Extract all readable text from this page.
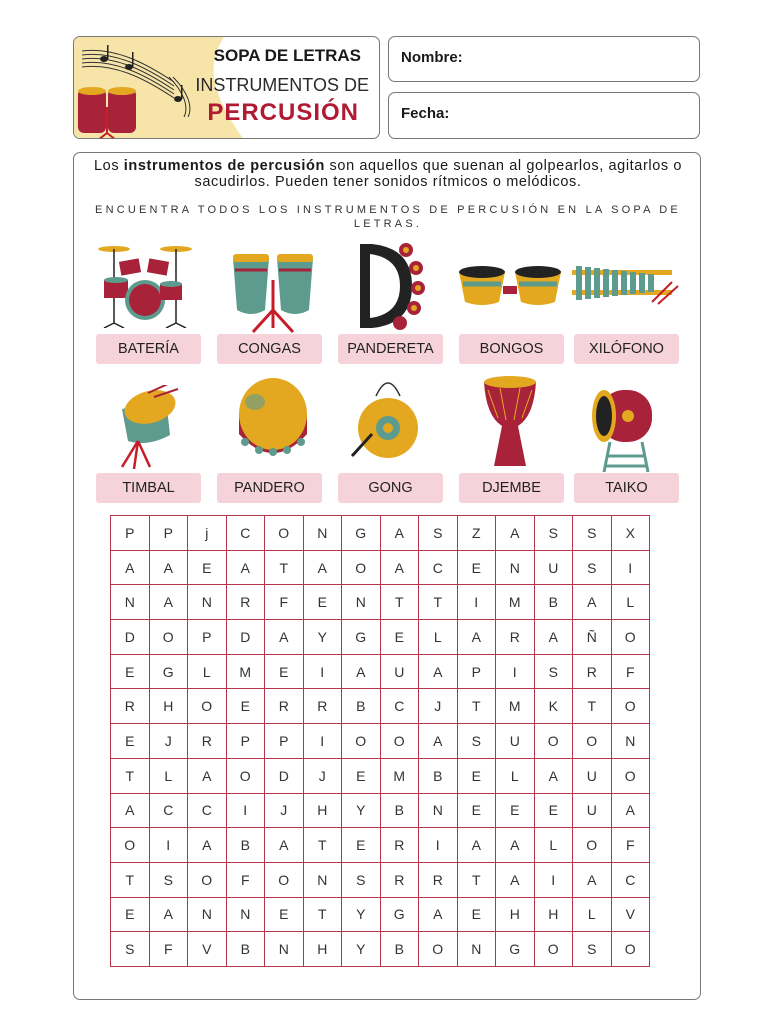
SOPA DE LETRAS
INSTRUMENTOS DE
PERCUSIÓN
Nombre:
Fecha:
Los instrumentos de percusión son aquellos que suenan al golpearlos, agitarlos o sacudirlos. Pueden tener sonidos rítmicos o melódicos.
ENCUENTRA TODOS LOS INSTRUMENTOS DE PERCUSIÓN EN LA SOPA DE LETRAS.
BATERÍA	CONGAS	PANDERETA	BONGOS	XILÓFONO
TIMBAL	PANDERO	GONG	DJEMBE	TAIKO
P	P	j	C	O	N	G	A	S	Z	A	S	S	X
A	A	E	A	T	A	O	A	C	E	N	U	S	I
N	A	N	R	F	E	N	T	T	I	M	B	A	L
D	O	P	D	A	Y	G	E	L	A	R	A	Ñ	O
E	G	L	M	E	I	A	U	A	P	I	S	R	F
R	H	O	E	R	R	B	C	J	T	M	K	T	O
E	J	R	P	P	I	O	O	A	S	U	O	O	N
T	L	A	O	D	J	E	M	B	E	L	A	U	O
A	C	C	I	J	H	Y	B	N	E	E	E	U	A
O	I	A	B	A	T	E	R	I	A	A	L	O	F
T	S	O	F	O	N	S	R	R	T	A	I	A	C
E	A	N	N	E	T	Y	G	A	E	H	H	L	V
S	F	V	B	N	H	Y	B	O	N	G	O	S	O
